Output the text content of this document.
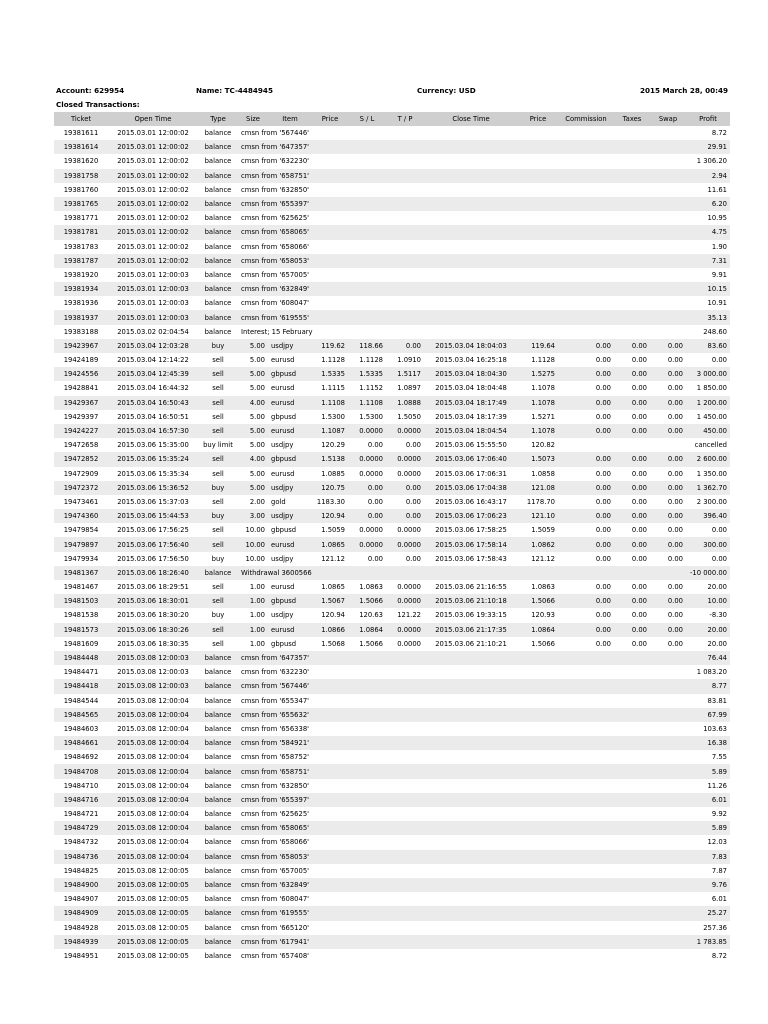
Account: 629954	Name: TC-4484945	Currency: USD	2015 March 28, 00:49
Closed Transactions:
Ticket	Open Time	Type	Size	Item	Price	S / L	T / P	Close Time	Price	Commission	Taxes	Swap	Profit
19381611	2015.03.01 12:00:02	balance	cmsn from '567446'										8.72
19381614	2015.03.01 12:00:02	balance	cmsn from '647357'										29.91
19381620	2015.03.01 12:00:02	balance	cmsn from '632230'										1 306.20
19381758	2015.03.01 12:00:02	balance	cmsn from '658751'										2.94
19381760	2015.03.01 12:00:02	balance	cmsn from '632850'										11.61
19381765	2015.03.01 12:00:02	balance	cmsn from '655397'										6.20
19381771	2015.03.01 12:00:02	balance	cmsn from '625625'										10.95
19381781	2015.03.01 12:00:02	balance	cmsn from '658065'										4.75
19381783	2015.03.01 12:00:02	balance	cmsn from '658066'										1.90
19381787	2015.03.01 12:00:02	balance	cmsn from '658053'										7.31
19381920	2015.03.01 12:00:03	balance	cmsn from '657005'										9.91
19381934	2015.03.01 12:00:03	balance	cmsn from '632849'										10.15
19381936	2015.03.01 12:00:03	balance	cmsn from '608047'										10.91
19381937	2015.03.01 12:00:03	balance	cmsn from '619555'										35.13
19383188	2015.03.02 02:04:54	balance	Interest; 15 February										248.60
19423967	2015.03.04 12:03:28	buy	5.00	usdjpy	119.62	118.66	0.00	2015.03.04 18:04:03	119.64	0.00	0.00	0.00	83.60
19424189	2015.03.04 12:14:22	sell	5.00	eurusd	1.1128	1.1128	1.0910	2015.03.04 16:25:18	1.1128	0.00	0.00	0.00	0.00
19424556	2015.03.04 12:45:39	sell	5.00	gbpusd	1.5335	1.5335	1.5117	2015.03.04 18:04:30	1.5275	0.00	0.00	0.00	3 000.00
19428841	2015.03.04 16:44:32	sell	5.00	eurusd	1.1115	1.1152	1.0897	2015.03.04 18:04:48	1.1078	0.00	0.00	0.00	1 850.00
19429367	2015.03.04 16:50:43	sell	4.00	eurusd	1.1108	1.1108	1.0888	2015.03.04 18:17:49	1.1078	0.00	0.00	0.00	1 200.00
19429397	2015.03.04 16:50:51	sell	5.00	gbpusd	1.5300	1.5300	1.5050	2015.03.04 18:17:39	1.5271	0.00	0.00	0.00	1 450.00
19424227	2015.03.04 16:57:30	sell	5.00	eurusd	1.1087	0.0000	0.0000	2015.03.04 18:04:54	1.1078	0.00	0.00	0.00	450.00
19472658	2015.03.06 15:35:00	buy limit	5.00	usdjpy	120.29	0.00	0.00	2015.03.06 15:55:50	120.82				cancelled
19472852	2015.03.06 15:35:24	sell	4.00	gbpusd	1.5138	0.0000	0.0000	2015.03.06 17:06:40	1.5073	0.00	0.00	0.00	2 600.00
19472909	2015.03.06 15:35:34	sell	5.00	eurusd	1.0885	0.0000	0.0000	2015.03.06 17:06:31	1.0858	0.00	0.00	0.00	1 350.00
19472372	2015.03.06 15:36:52	buy	5.00	usdjpy	120.75	0.00	0.00	2015.03.06 17:04:38	121.08	0.00	0.00	0.00	1 362.70
19473461	2015.03.06 15:37:03	sell	2.00	gold	1183.30	0.00	0.00	2015.03.06 16:43:17	1178.70	0.00	0.00	0.00	2 300.00
19474360	2015.03.06 15:44:53	buy	3.00	usdjpy	120.94	0.00	0.00	2015.03.06 17:06:23	121.10	0.00	0.00	0.00	396.40
19479854	2015.03.06 17:56:25	sell	10.00	gbpusd	1.5059	0.0000	0.0000	2015.03.06 17:58:25	1.5059	0.00	0.00	0.00	0.00
19479897	2015.03.06 17:56:40	sell	10.00	eurusd	1.0865	0.0000	0.0000	2015.03.06 17:58:14	1.0862	0.00	0.00	0.00	300.00
19479934	2015.03.06 17:56:50	buy	10.00	usdjpy	121.12	0.00	0.00	2015.03.06 17:58:43	121.12	0.00	0.00	0.00	0.00
19481367	2015.03.06 18:26:40	balance	Withdrawal 3600566										-10 000.00
19481467	2015.03.06 18:29:51	sell	1.00	eurusd	1.0865	1.0863	0.0000	2015.03.06 21:16:55	1.0863	0.00	0.00	0.00	20.00
19481503	2015.03.06 18:30:01	sell	1.00	gbpusd	1.5067	1.5066	0.0000	2015.03.06 21:10:18	1.5066	0.00	0.00	0.00	10.00
19481538	2015.03.06 18:30:20	buy	1.00	usdjpy	120.94	120.63	121.22	2015.03.06 19:33:15	120.93	0.00	0.00	0.00	-8.30
19481573	2015.03.06 18:30:26	sell	1.00	eurusd	1.0866	1.0864	0.0000	2015.03.06 21:17:35	1.0864	0.00	0.00	0.00	20.00
19481609	2015.03.06 18:30:35	sell	1.00	gbpusd	1.5068	1.5066	0.0000	2015.03.06 21:10:21	1.5066	0.00	0.00	0.00	20.00
19484448	2015.03.08 12:00:03	balance	cmsn from '647357'										76.44
19484471	2015.03.08 12:00:03	balance	cmsn from '632230'										1 083.20
19484418	2015.03.08 12:00:03	balance	cmsn from '567446'										8.77
19484544	2015.03.08 12:00:04	balance	cmsn from '655347'										83.81
19484565	2015.03.08 12:00:04	balance	cmsn from '655632'										67.99
19484603	2015.03.08 12:00:04	balance	cmsn from '656338'										103.63
19484661	2015.03.08 12:00:04	balance	cmsn from '584921'										16.38
19484692	2015.03.08 12:00:04	balance	cmsn from '658752'										7.55
19484708	2015.03.08 12:00:04	balance	cmsn from '658751'										5.89
19484710	2015.03.08 12:00:04	balance	cmsn from '632850'										11.26
19484716	2015.03.08 12:00:04	balance	cmsn from '655397'										6.01
19484721	2015.03.08 12:00:04	balance	cmsn from '625625'										9.92
19484729	2015.03.08 12:00:04	balance	cmsn from '658065'										5.89
19484732	2015.03.08 12:00:04	balance	cmsn from '658066'										12.03
19484736	2015.03.08 12:00:04	balance	cmsn from '658053'										7.83
19484825	2015.03.08 12:00:05	balance	cmsn from '657005'										7.87
19484900	2015.03.08 12:00:05	balance	cmsn from '632849'										9.76
19484907	2015.03.08 12:00:05	balance	cmsn from '608047'										6.01
19484909	2015.03.08 12:00:05	balance	cmsn from '619555'										25.27
19484928	2015.03.08 12:00:05	balance	cmsn from '665120'										257.36
19484939	2015.03.08 12:00:05	balance	cmsn from '617941'										1 783.85
19484951	2015.03.08 12:00:05	balance	cmsn from '657408'										8.72
